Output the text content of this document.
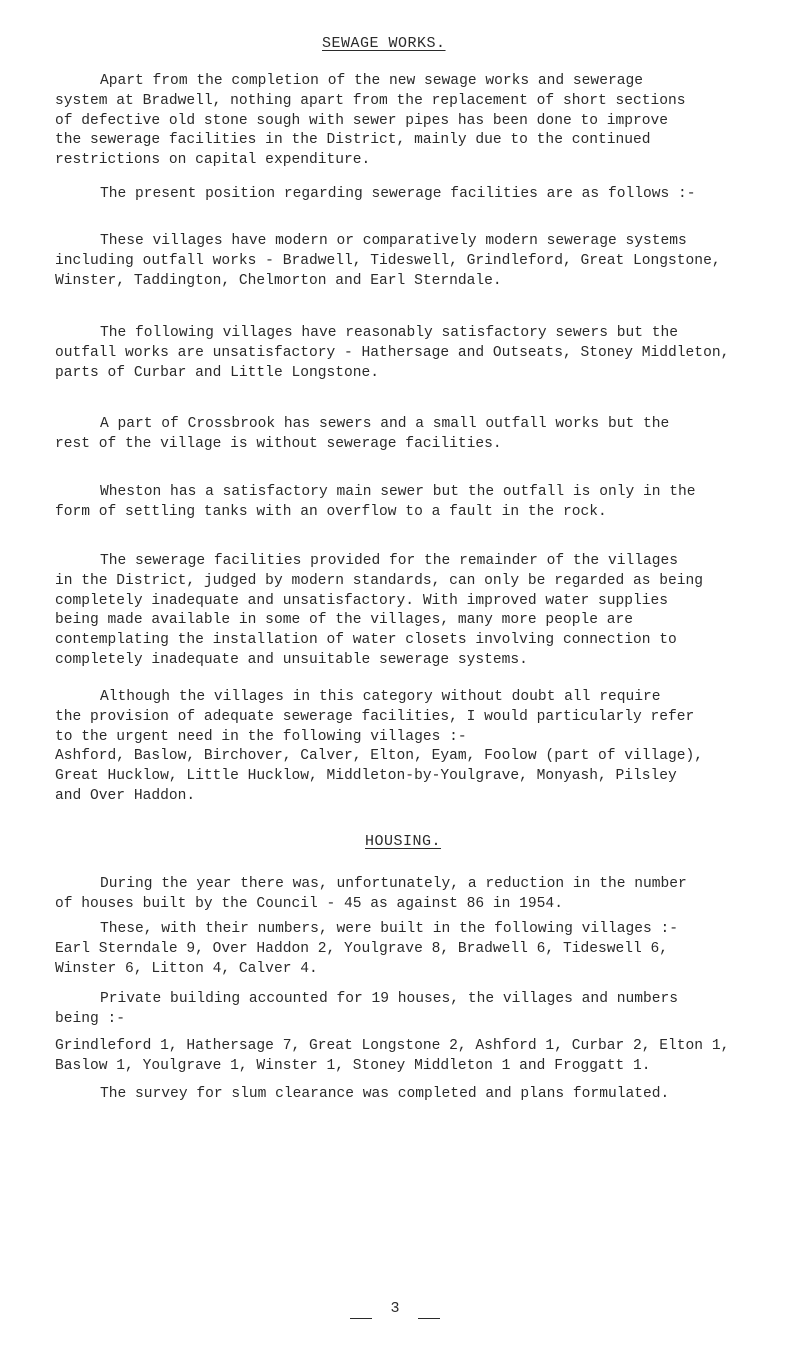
SEWAGE WORKS.
Apart from the completion of the new sewage works and sewerage
system at Bradwell, nothing apart from the replacement of short sections
of defective old stone sough with sewer pipes has been done to improve
the sewerage facilities in the District, mainly due to the continued
restrictions on capital expenditure.
The present position regarding sewerage facilities are as follows :-
These villages have modern or comparatively modern sewerage systems
including outfall works - Bradwell, Tideswell, Grindleford, Great Longstone,
Winster, Taddington, Chelmorton and Earl Sterndale.
The following villages have reasonably satisfactory sewers but the
outfall works are unsatisfactory - Hathersage and Outseats, Stoney Middleton,
parts of Curbar and Little Longstone.
A part of Crossbrook has sewers and a small outfall works but the
rest of the village is without sewerage facilities.
Wheston has a satisfactory main sewer but the outfall is only in the
form of settling tanks with an overflow to a fault in the rock.
The sewerage facilities provided for the remainder of the villages
in the District, judged by modern standards, can only be regarded as being
completely inadequate and unsatisfactory. With improved water supplies
being made available in some of the villages, many more people are
contemplating the installation of water closets involving connection to
completely inadequate and unsuitable sewerage systems.
Although the villages in this category without doubt all require
the provision of adequate sewerage facilities, I would particularly refer
to the urgent need in the following villages :-
Ashford, Baslow, Birchover, Calver, Elton, Eyam, Foolow (part of village),
Great Hucklow, Little Hucklow, Middleton-by-Youlgrave, Monyash, Pilsley
and Over Haddon.
HOUSING.
During the year there was, unfortunately, a reduction in the number
of houses built by the Council - 45 as against 86 in 1954.
These, with their numbers, were built in the following villages :-
Earl Sterndale 9, Over Haddon 2, Youlgrave 8, Bradwell 6, Tideswell 6,
Winster 6, Litton 4, Calver 4.
Private building accounted for 19 houses, the villages and numbers
being :-
Grindleford 1, Hathersage 7, Great Longstone 2, Ashford 1, Curbar 2, Elton 1,
Baslow 1, Youlgrave 1, Winster 1, Stoney Middleton 1 and Froggatt 1.
The survey for slum clearance was completed and plans formulated.
3
